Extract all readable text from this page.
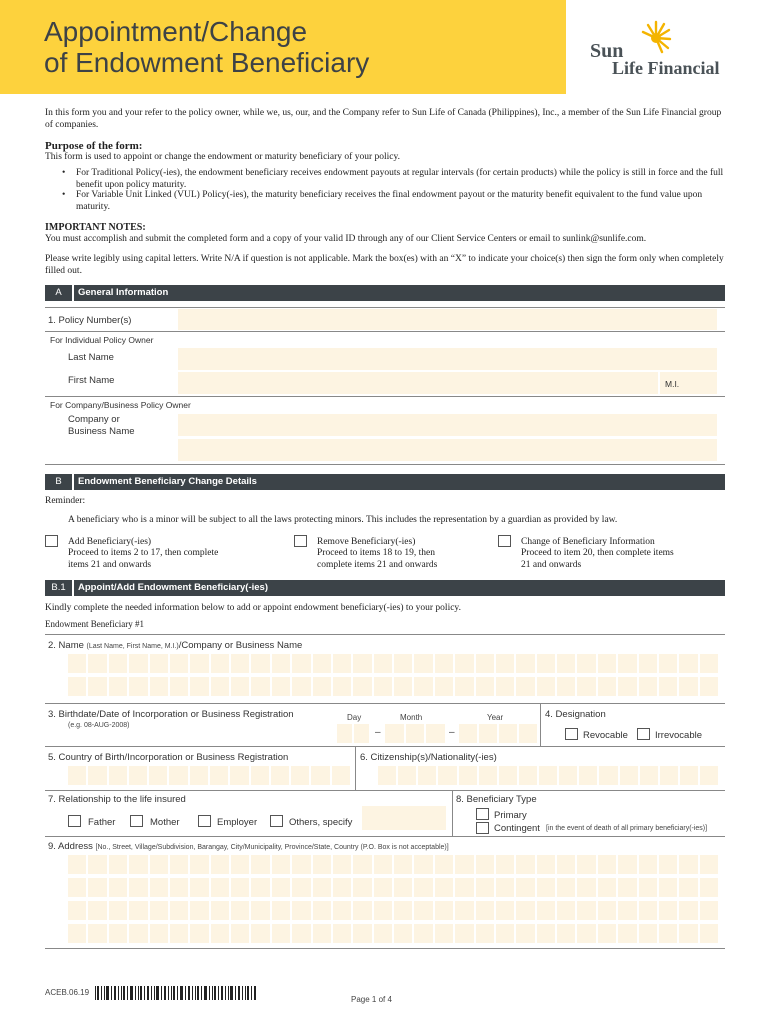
Appointment/Change
of Endowment Beneficiary	Sun
Life Financial
In this form you and your refer to the policy owner, while we, us, our, and the Company refer to Sun Life of Canada (Philippines), Inc., a member of the Sun Life Financial group of companies.
Purpose of the form:
This form is used to appoint or change the endowment or maturity beneficiary of your policy.
• For Traditional Policy(-ies), the endowment beneficiary receives endowment payouts at regular intervals (for certain products) while the policy is still in force and the full benefit upon policy maturity.
• For Variable Unit Linked (VUL) Policy(-ies), the maturity beneficiary receives the final endowment payout or the maturity benefit equivalent to the fund value upon maturity.
IMPORTANT NOTES:
You must accomplish and submit the completed form and a copy of your valid ID through any of our Client Service Centers or email to sunlink@sunlife.com.
Please write legibly using capital letters. Write N/A if question is not applicable. Mark the box(es) with an “X” to indicate your choice(s) then sign the form only when completely filled out.
A	General Information
1. Policy Number(s)
For Individual Policy Owner
Last Name
First Name	M.I.
For Company/Business Policy Owner
Company or
Business Name
B	Endowment Beneficiary Change Details
Reminder:
A beneficiary who is a minor will be subject to all the laws protecting minors. This includes the representation by a guardian as provided by law.
Add Beneficiary(-ies)
Proceed to items 2 to 17, then complete
items 21 and onwards
Remove Beneficiary(-ies)
Proceed to items 18 to 19, then
complete items 21 and onwards
Change of Beneficiary Information
Proceed to item 20, then complete items
21 and onwards
B.1	Appoint/Add Endowment Beneficiary(-ies)
Kindly complete the needed information below to add or appoint endowment beneficiary(-ies) to your policy.
Endowment Beneficiary #1
2. Name (Last Name, First Name, M.I.)/Company or Business Name
3. Birthdate/Date of Incorporation or Business Registration
(e.g. 08-AUG-2008)
Day	Month	Year
–	–
4. Designation
Revocable	Irrevocable
5. Country of Birth/Incorporation or Business Registration	6. Citizenship(s)/Nationality(-ies)
7. Relationship to the life insured
Father	Mother	Employer	Others, specify
8. Beneficiary Type
Primary
Contingent [in the event of death of all primary beneficiary(-ies)]
9. Address [No., Street, Village/Subdivision, Barangay, City/Municipality, Province/State, Country (P.O. Box is not acceptable)]
ACEB.06.19
Page 1 of 4
